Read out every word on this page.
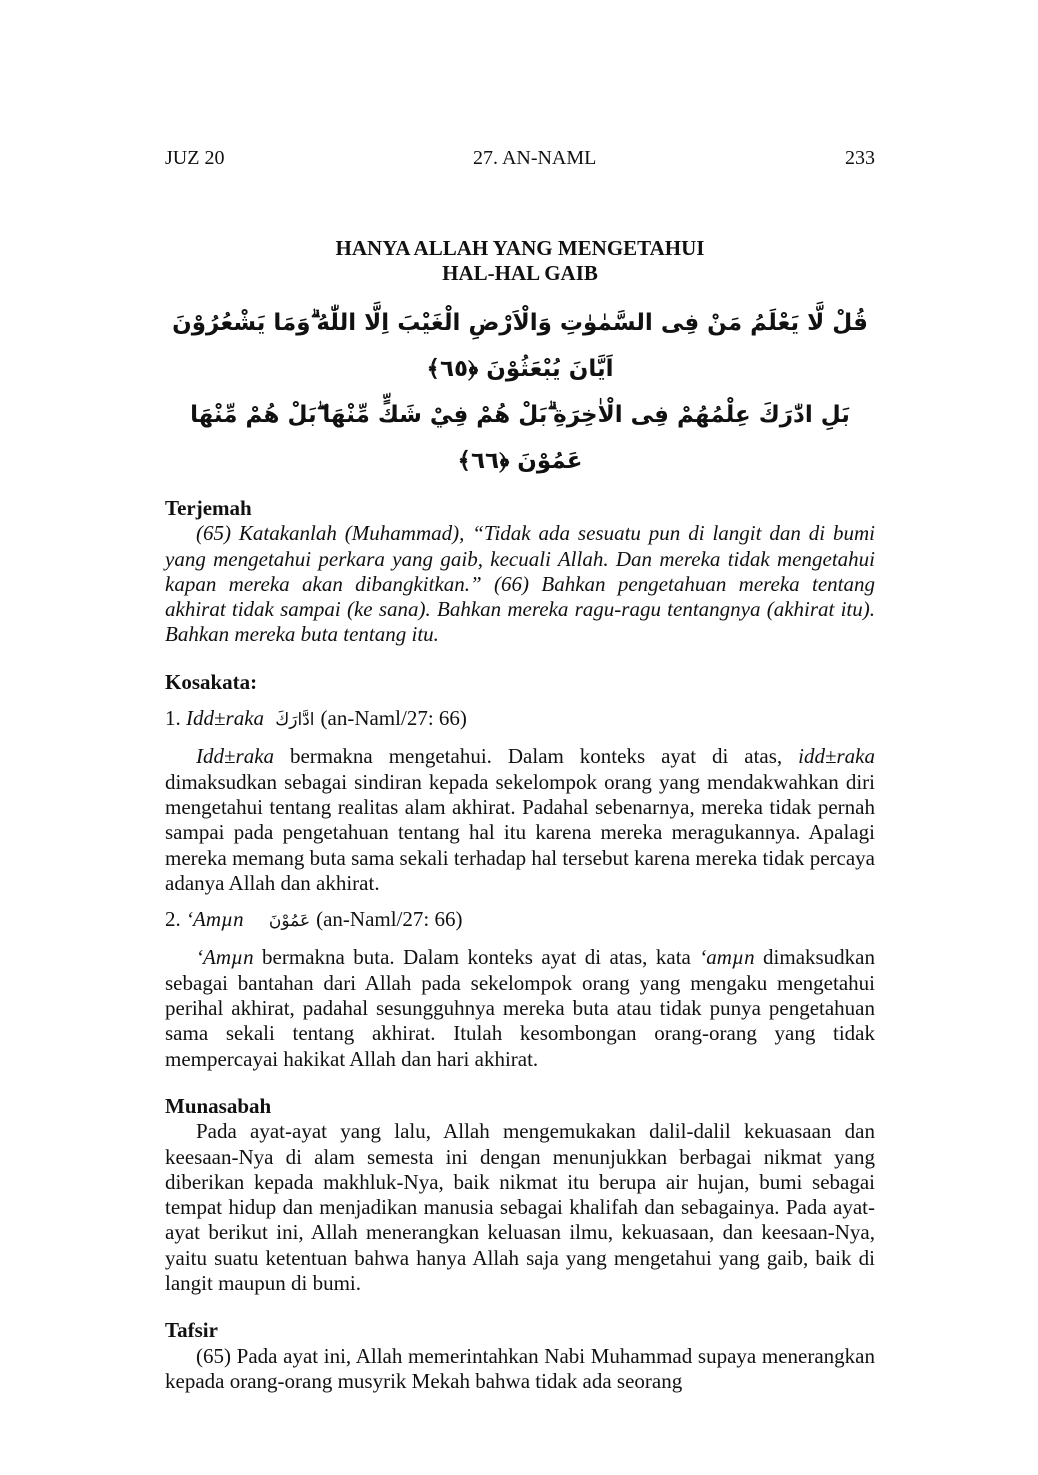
JUZ 20	27. AN-NAML	233
HANYA ALLAH YANG MENGETAHUI
HAL-HAL GAIB
قُلْ لَّا يَعْلَمُ مَنْ فِى السَّمٰوٰتِ وَالْاَرْضِ الْغَيْبَ اِلَّا اللّٰهُ ۗوَمَا يَشْعُرُوْنَ اَيَّانَ يُبْعَثُوْنَ ﴿٦٥﴾
بَلِ ادّٰرَكَ عِلْمُهُمْ فِى الْاٰخِرَةِ ۗبَلْ هُمْ فِيْ شَكٍّ مِّنْهَا ۖبَلْ هُمْ مِّنْهَا عَمُوْنَ ﴿٦٦﴾
Terjemah

(65) Katakanlah (Muhammad), “Tidak ada sesuatu pun di langit dan di bumi yang mengetahui perkara yang gaib, kecuali Allah. Dan mereka tidak mengetahui kapan mereka akan dibangkitkan.” (66) Bahkan pengetahuan mereka tentang akhirat tidak sampai (ke sana). Bahkan mereka ragu-ragu tentangnya (akhirat itu). Bahkan mereka buta tentang itu.

Kosakata:
1. Idd±raka ادَّارَكَ (an-Naml/27: 66)

Idd±raka bermakna mengetahui. Dalam konteks ayat di atas, idd±raka dimaksudkan sebagai sindiran kepada sekelompok orang yang mendakwahkan diri mengetahui tentang realitas alam akhirat. Padahal sebenarnya, mereka tidak pernah sampai pada pengetahuan tentang hal itu karena mereka meragukannya. Apalagi mereka memang buta sama sekali terhadap hal tersebut karena mereka tidak percaya adanya Allah dan akhirat.

2. ‘Amµn عَمُوْنَ (an-Naml/27: 66)

‘Amµn bermakna buta. Dalam konteks ayat di atas, kata ‘amµn dimaksudkan sebagai bantahan dari Allah pada sekelompok orang yang mengaku mengetahui perihal akhirat, padahal sesungguhnya mereka buta atau tidak punya pengetahuan sama sekali tentang akhirat. Itulah kesombongan orang-orang yang tidak mempercayai hakikat Allah dan hari akhirat.

Munasabah

Pada ayat-ayat yang lalu, Allah mengemukakan dalil-dalil kekuasaan dan keesaan-Nya di alam semesta ini dengan menunjukkan berbagai nikmat yang diberikan kepada makhluk-Nya, baik nikmat itu berupa air hujan, bumi sebagai tempat hidup dan menjadikan manusia sebagai khalifah dan sebagainya. Pada ayat-ayat berikut ini, Allah menerangkan keluasan ilmu, kekuasaan, dan keesaan-Nya, yaitu suatu ketentuan bahwa hanya Allah saja yang mengetahui yang gaib, baik di langit maupun di bumi.

Tafsir

(65) Pada ayat ini, Allah memerintahkan Nabi Muhammad supaya menerangkan kepada orang-orang musyrik Mekah bahwa tidak ada seorang
